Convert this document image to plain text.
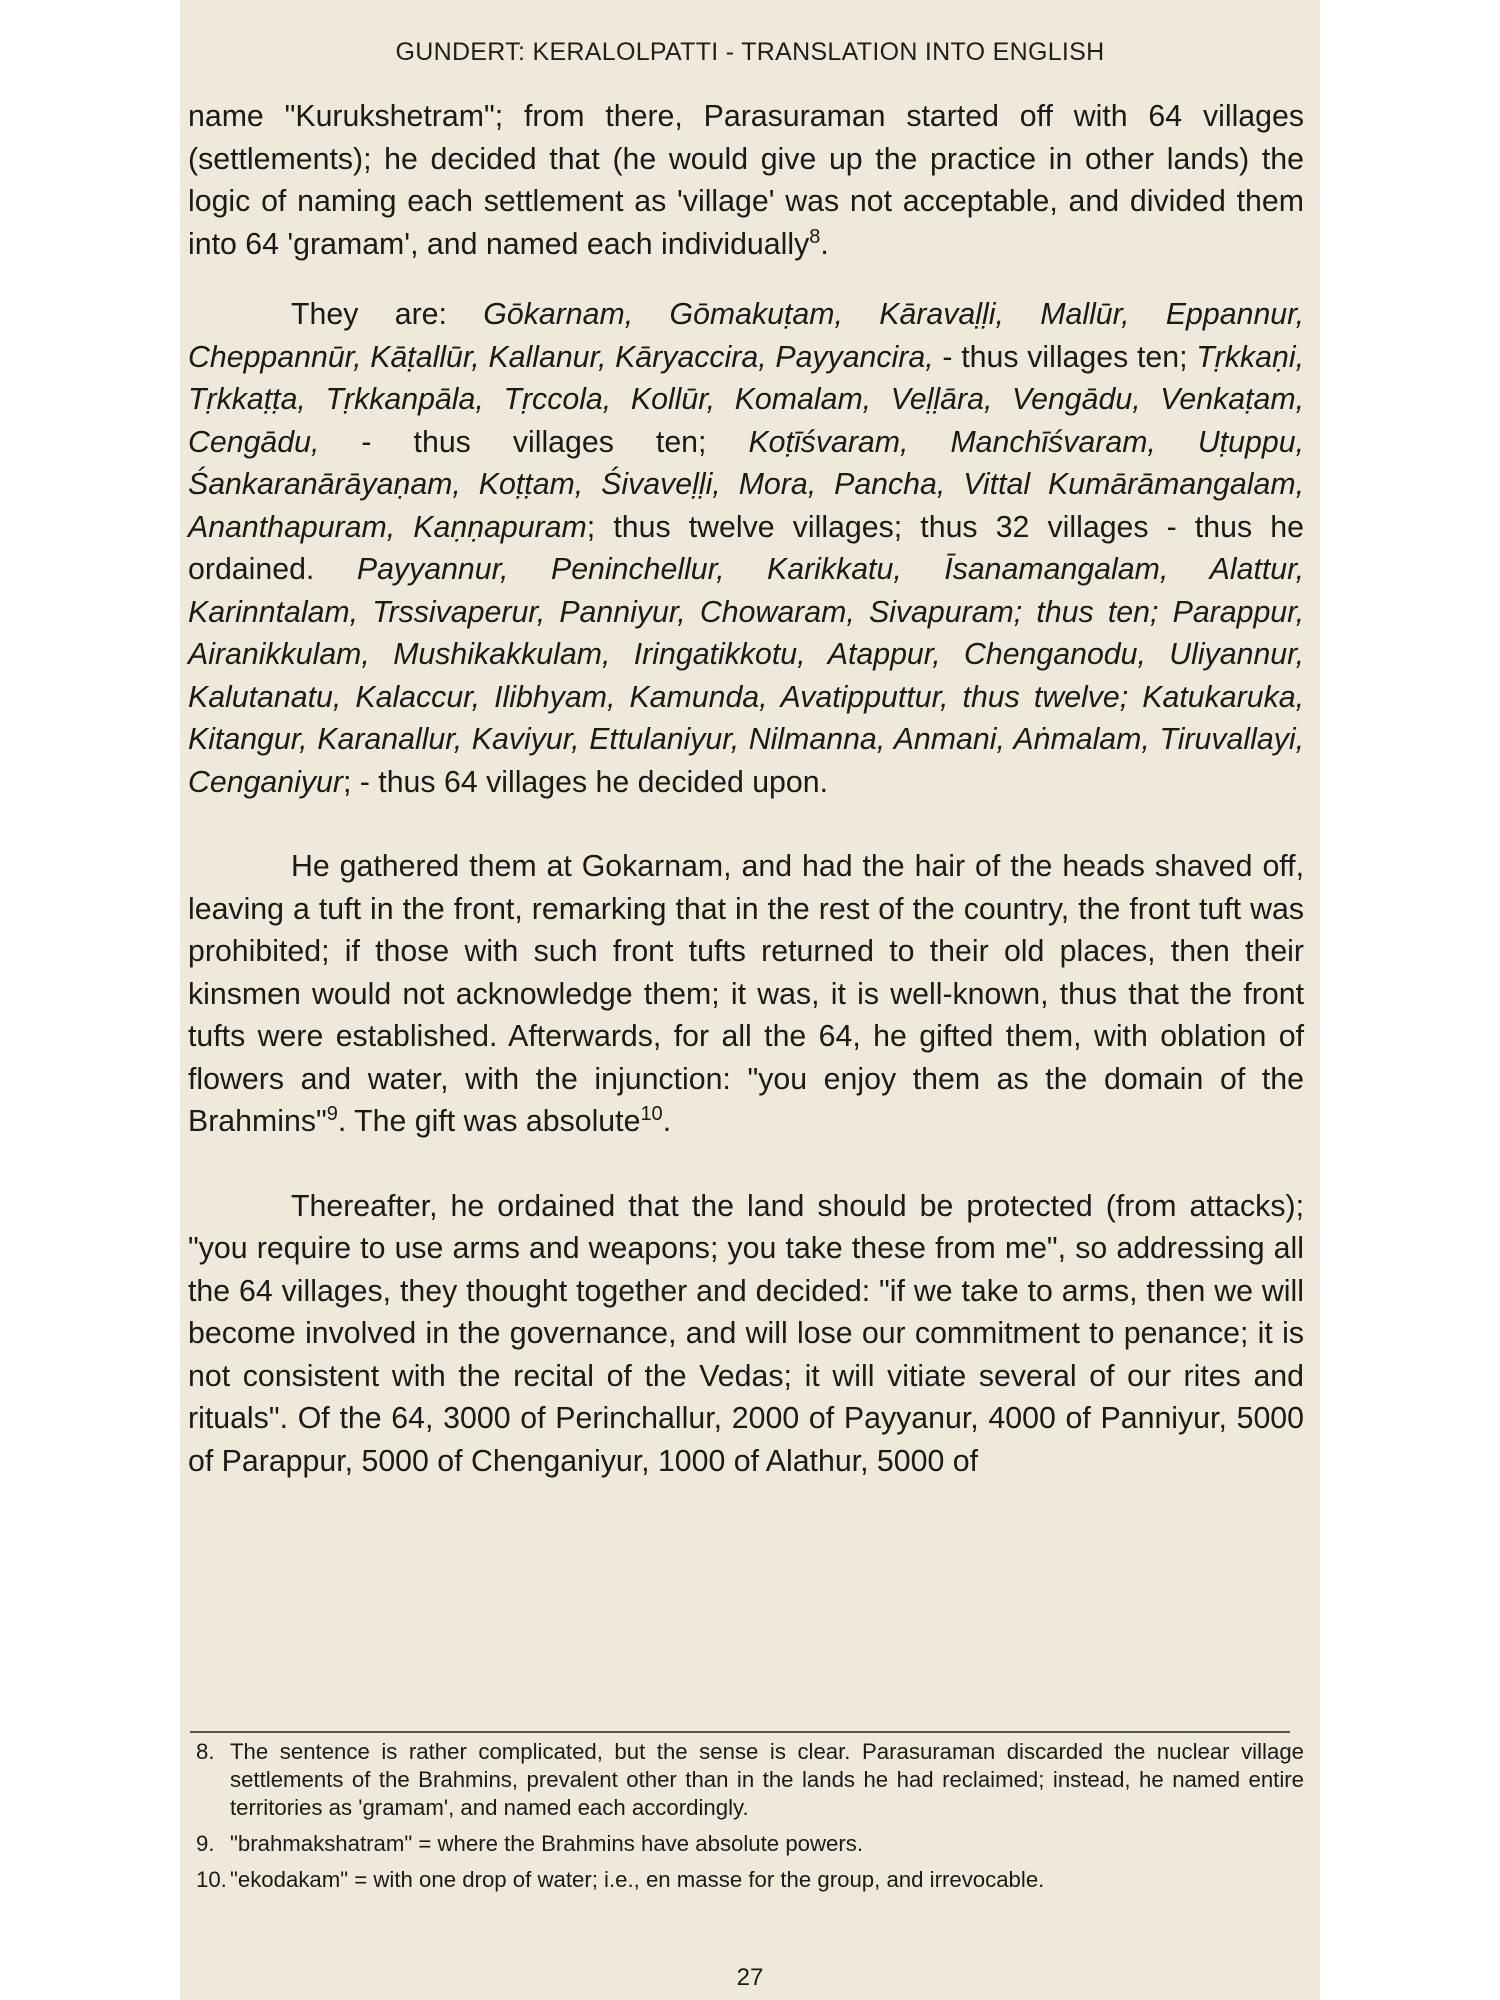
GUNDERT: KERALOLPATTI - TRANSLATION INTO ENGLISH

name "Kurukshetram"; from there, Parasuraman started off with 64 villages (settlements); he decided that (he would give up the practice in other lands) the logic of naming each settlement as 'village' was not acceptable, and divided them into 64 'gramam', and named each individually$^8$.

They are: Gōkarnam, Gōmakuṭam, Kāravaḷḷi, Mallūr, Eppannur, Cheppannūr, Kāṭallūr, Kallanur, Kāryaccira, Payyancira, - thus villages ten; Tṛkkaṇi, Tṛkkaṭṭa, Tṛkkanpāla, Tṛccola, Kollūr, Komalam, Veḷḷāra, Vengādu, Venkaṭam, Cengādu, - thus villages ten; Koṭīśvaram, Manchīśvaram, Uṭuppu, Śankaranārāyaṇam, Koṭṭam, Śivaveḷḷi, Mora, Pancha, Vittal Kumārāmangalam, Ananthapuram, Kaṇṇapuram; thus twelve villages; thus 32 villages - thus he ordained. Payyannur, Peninchellur, Karikkatu, Īsanamangalam, Alattur, Karinntalam, Trssivaperur, Panniyur, Chowaram, Sivapuram; thus ten; Parappur, Airanikkulam, Mushikakkulam, Iringatikkotu, Atappur, Chenganodu, Uliyannur, Kalutanatu, Kalaccur, Ilibhyam, Kamunda, Avatipputtur, thus twelve; Katukaruka, Kitangur, Karanallur, Kaviyur, Ettulaniyur, Nilmanna, Anmani, Aṅmalam, Tiruvallayi, Cenganiyur; - thus 64 villages he decided upon.

He gathered them at Gokarnam, and had the hair of the heads shaved off, leaving a tuft in the front, remarking that in the rest of the country, the front tuft was prohibited; if those with such front tufts returned to their old places, then their kinsmen would not acknowledge them; it was, it is well-known, thus that the front tufts were established. Afterwards, for all the 64, he gifted them, with oblation of flowers and water, with the injunction: "you enjoy them as the domain of the Brahmins"$^9$. The gift was absolute$^{10}$.

Thereafter, he ordained that the land should be protected (from attacks); "you require to use arms and weapons; you take these from me", so addressing all the 64 villages, they thought together and decided: "if we take to arms, then we will become involved in the governance, and will lose our commitment to penance; it is not consistent with the recital of the Vedas; it will vitiate several of our rites and rituals". Of the 64, 3000 of Perinchallur, 2000 of Payyanur, 4000 of Panniyur, 5000 of Parappur, 5000 of Chenganiyur, 1000 of Alathur, 5000 of

8. The sentence is rather complicated, but the sense is clear. Parasuraman discarded the nuclear village settlements of the Brahmins, prevalent other than in the lands he had reclaimed; instead, he named entire territories as 'gramam', and named each accordingly.
9. "brahmakshatram" = where the Brahmins have absolute powers.
10. "ekodakam" = with one drop of water; i.e., en masse for the group, and irrevocable.
27
